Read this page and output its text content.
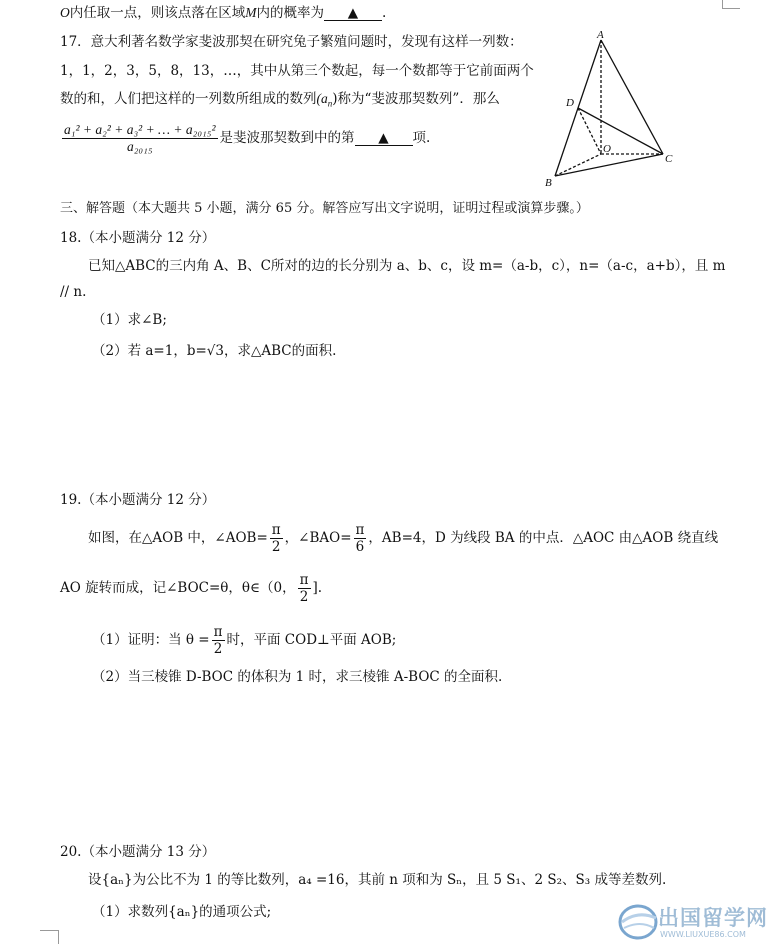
O内任取一点，则该点落在区域M内的概率为 ▲ .
17．意大利著名数学家斐波那契在研究兔子繁殖问题时，发现有这样一列数：
1，1，2，3，5，8，13，…，其中从第三个数起，每一个数都等于它前面两个
数的和，人们把这样的一列数所组成的数列$(a_n)$称为“斐波那契数列”．那么
$\frac{\text{a₁² + a₂² + a₃² + … + a₂₀₁₅²}}{\text{a₂₀₁₅}}$ 是斐波那契数到中的第 ▲ 项.
A
B
C
D
O
三、解答题（本大题共 5 小题，满分 65 分。解答应写出文字说明，证明过程或演算步骤。）
18.（本小题满分 12 分）
已知△ABC的三内角 A、B、C所对的边的长分别为 a、b、c，设 m=（a-b，c），n=（a-c，a+b），且 m
// n.
（1）求∠B;
（2）若 a=1，b=√3，求△ABC的面积.
19.（本小题满分 12 分）
如图，在△AOB 中，∠AOB= $\frac{\pi}{2}$ ，∠BAO= $\frac{\pi}{6}$ ，AB=4，D 为线段 BA 的中点．△AOC 由△AOB 绕直线
AO 旋转而成，记∠BOC=θ，θ∈（0， $\frac{\pi}{2}$ ].
（1）证明：当 $\theta = \frac{\pi}{2}$ 时，平面 COD⊥平面 AOB;
（2）当三棱锥 D-BOC 的体积为 1 时，求三棱锥 A-BOC 的全面积.
20.（本小题满分 13 分）
设{aₙ}为公比不为 1 的等比数列，a₄ =16，其前 n 项和为 Sₙ，且 5 S₁、2 S₂、S₃ 成等差数列.
（1）求数列{aₙ}的通项公式;	出国留学网
WWW.LIUXUE86.COM
